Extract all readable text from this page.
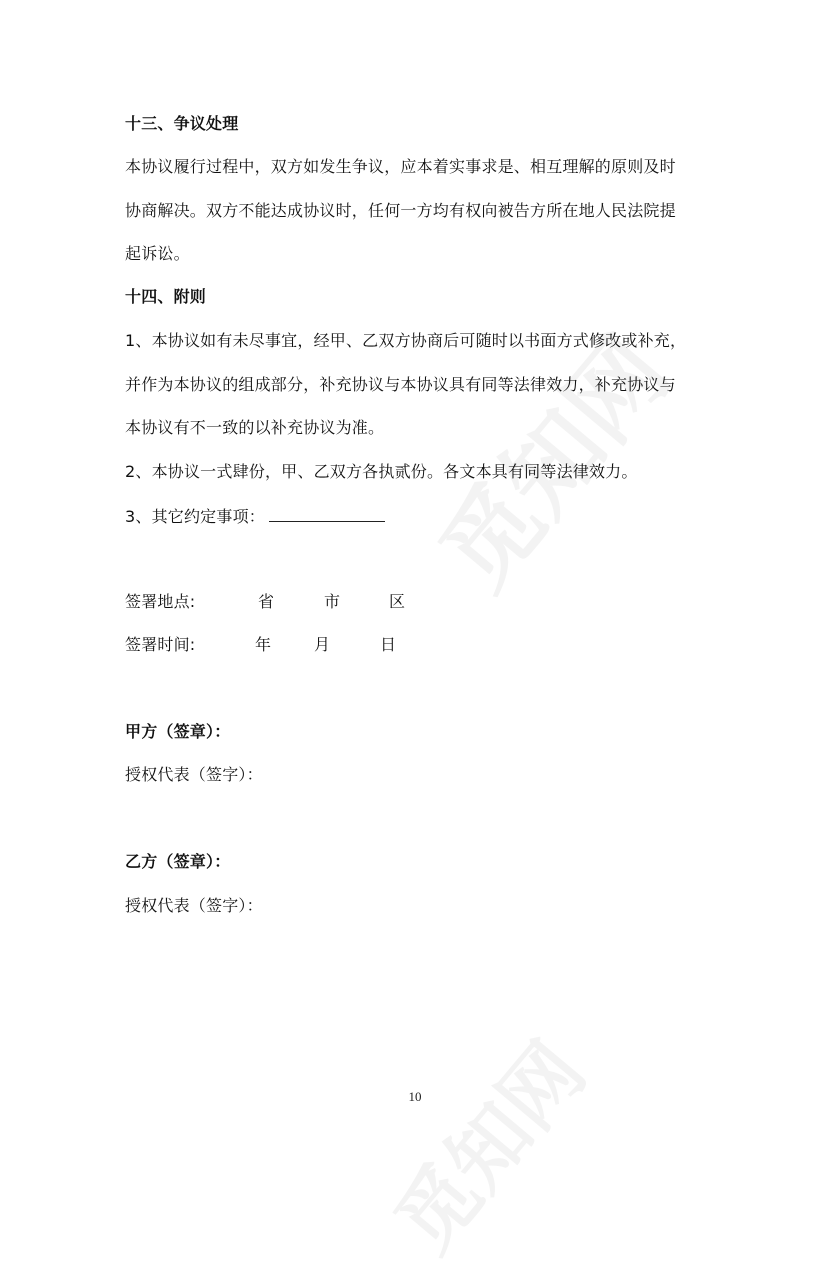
十三、争议处理
本协议履行过程中，双方如发生争议，应本着实事求是、相互理解的原则及时
协商解决。双方不能达成协议时，任何一方均有权向被告方所在地人民法院提
起诉讼。
十四、附则
1、本协议如有未尽事宜，经甲、乙双方协商后可随时以书面方式修改或补充，
并作为本协议的组成部分，补充协议与本协议具有同等法律效力，补充协议与
本协议有不一致的以补充协议为准。
2、本协议一式肆份，甲、乙双方各执贰份。各文本具有同等法律效力。
3、其它约定事项：
签署地点:	省	市	区
签署时间:	年	月	日
甲方（签章）：
授权代表（签字）：
乙方（签章）：
授权代表（签字）：
10
